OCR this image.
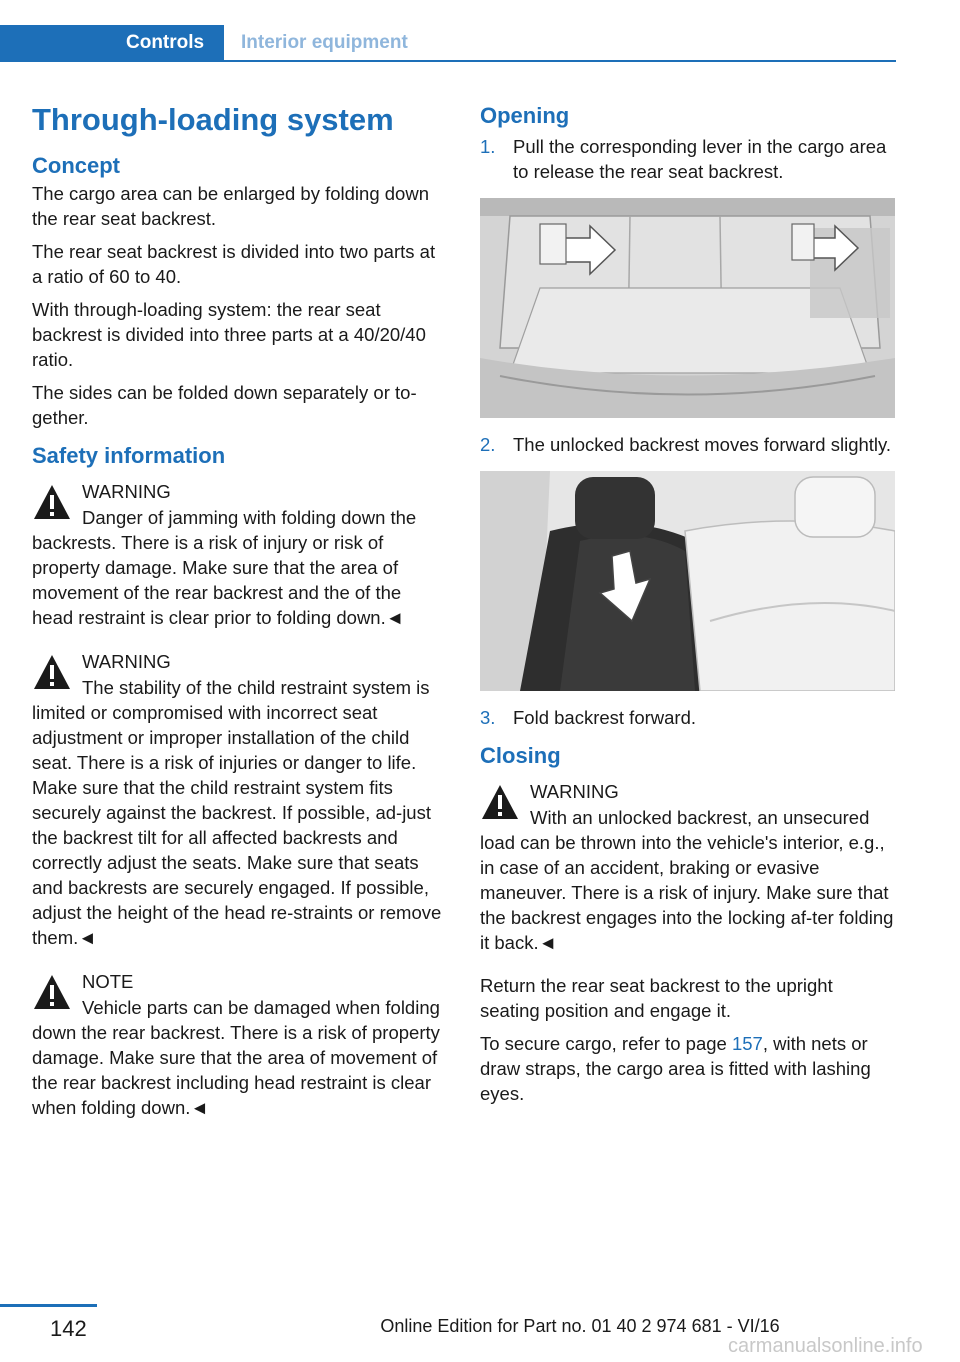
Controls	Interior equipment
Through-loading system
Concept

The cargo area can be enlarged by folding down the rear seat backrest.

The rear seat backrest is divided into two parts at a ratio of 60 to 40.

With through-loading system: the rear seat backrest is divided into three parts at a 40/20/40 ratio.

The sides can be folded down separately or to‐gether.

Safety information
WARNING
Danger of jamming with folding down the backrests. There is a risk of injury or risk of property damage. Make sure that the area of movement of the rear backrest and the of the head restraint is clear prior to folding down.◄
WARNING
The stability of the child restraint system is limited or compromised with incorrect seat adjustment or improper installation of the child seat. There is a risk of injuries or danger to life. Make sure that the child restraint system fits securely against the backrest. If possible, ad‐just the backrest tilt for all affected backrests and correctly adjust the seats. Make sure that seats and backrests are securely engaged. If possible, adjust the height of the head re‐straints or remove them.◄
NOTE
Vehicle parts can be damaged when folding down the rear backrest. There is a risk of property damage. Make sure that the area of movement of the rear backrest including head restraint is clear when folding down.◄
Opening
1. Pull the corresponding lever in the cargo area to release the rear seat backrest.
2. The unlocked backrest moves forward slightly.
3. Fold backrest forward.
Closing
WARNING
With an unlocked backrest, an unsecured load can be thrown into the vehicle's interior, e.g., in case of an accident, braking or evasive maneuver. There is a risk of injury. Make sure that the backrest engages into the locking af‐ter folding it back.◄

Return the rear seat backrest to the upright seating position and engage it.

To secure cargo, refer to page 157, with nets or draw straps, the cargo area is fitted with lashing eyes.

142	Online Edition for Part no. 01 40 2 974 681 - VI/16
carmanualsonline.info
